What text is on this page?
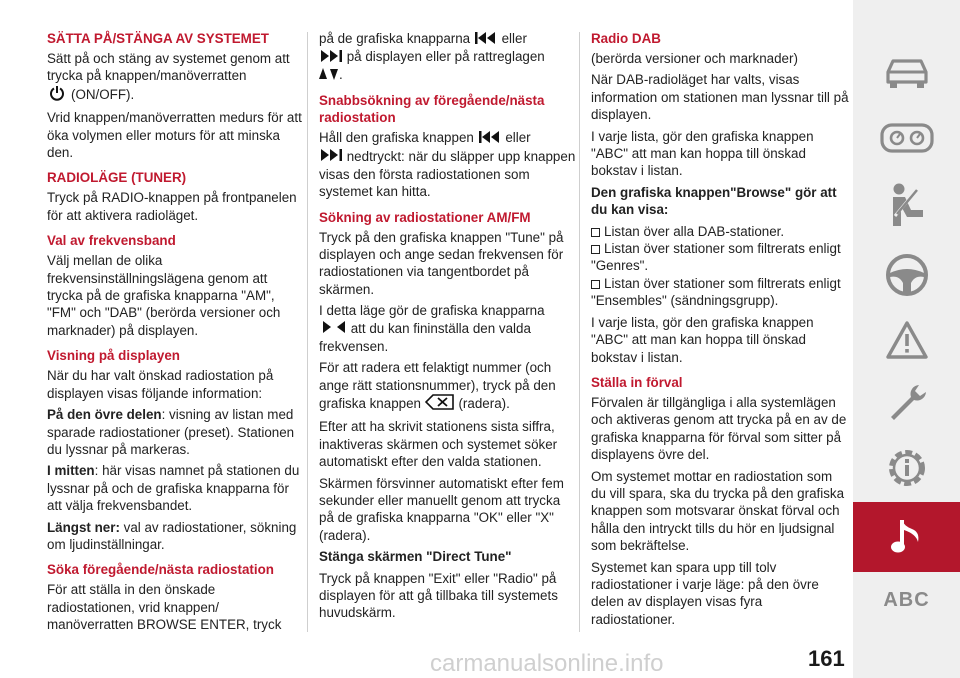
SÄTTA PÅ/STÄNGA AV SYSTEMET

Sätt på och stäng av systemet genom att trycka på knappen/manöverratten
(ON/OFF).

Vrid knappen/manöverratten medurs för att öka volymen eller moturs för att minska den.

RADIOLÄGE (TUNER)

Tryck på RADIO-knappen på frontpanelen för att aktivera radioläget.

Val av frekvensband

Välj mellan de olika frekvensinställningslägena genom att trycka på de grafiska knapparna "AM", "FM" och "DAB" (berörda versioner och marknader) på displayen.

Visning på displayen

När du har valt önskad radiostation på displayen visas följande information:

På den övre delen: visning av listan med sparade radiostationer (preset). Stationen du lyssnar på markeras.

I mitten: här visas namnet på stationen du lyssnar på och de grafiska knapparna för att välja frekvensbandet.

Längst ner: val av radiostationer, sökning om ljudinställningar.

Söka föregående/nästa radiostation

För att ställa in den önskade radiostationen, vrid knappen/ manöverratten BROWSE ENTER, tryck

på de grafiska knapparna eller
på displayen eller på rattreglagen
.

Snabbsökning av föregående/nästa radiostation

Håll den grafiska knappen eller
nedtryckt: när du släpper upp knappen visas den första radiostationen som systemet kan hitta.

Sökning av radiostationer AM/FM

Tryck på den grafiska knappen "Tune" på displayen och ange sedan frekvensen för radiostationen via tangentbordet på skärmen.

I detta läge gör de grafiska knapparna
att du kan fininställa den valda frekvensen.

För att radera ett felaktigt nummer (och ange rätt stationsnummer), tryck på den grafiska knappen	(radera).

Efter att ha skrivit stationens sista siffra, inaktiveras skärmen och systemet söker automatiskt efter den valda stationen.

Skärmen försvinner automatiskt efter fem sekunder eller manuellt genom att trycka på de grafiska knapparna "OK" eller "X" (radera).

Stänga skärmen "Direct Tune"

Tryck på knappen "Exit" eller "Radio" på displayen för att gå tillbaka till systemets huvudskärm.

Radio DAB

(berörda versioner och marknader)

När DAB-radioläget har valts, visas information om stationen man lyssnar till på displayen.

I varje lista, gör den grafiska knappen "ABC" att man kan hoppa till önskad bokstav i listan.

Den grafiska knappen"Browse" gör att du kan visa:

Listan över alla DAB-stationer.

Listan över stationer som filtrerats enligt "Genres".

Listan över stationer som filtrerats enligt "Ensembles" (sändningsgrupp).

I varje lista, gör den grafiska knappen "ABC" att man kan hoppa till önskad bokstav i listan.

Ställa in förval

Förvalen är tillgängliga i alla systemlägen och aktiveras genom att trycka på en av de grafiska knapparna för förval som sitter på displayens övre del.

Om systemet mottar en radiostation som du vill spara, ska du trycka på den grafiska knappen som motsvarar önskat förval och hålla den intryckt tills du hör en ljudsignal som bekräftelse.

Systemet kan spara upp till tolv radiostationer i varje läge: på den övre delen av displayen visas fyra radiostationer.

ABC
carmanualsonline.info	161
